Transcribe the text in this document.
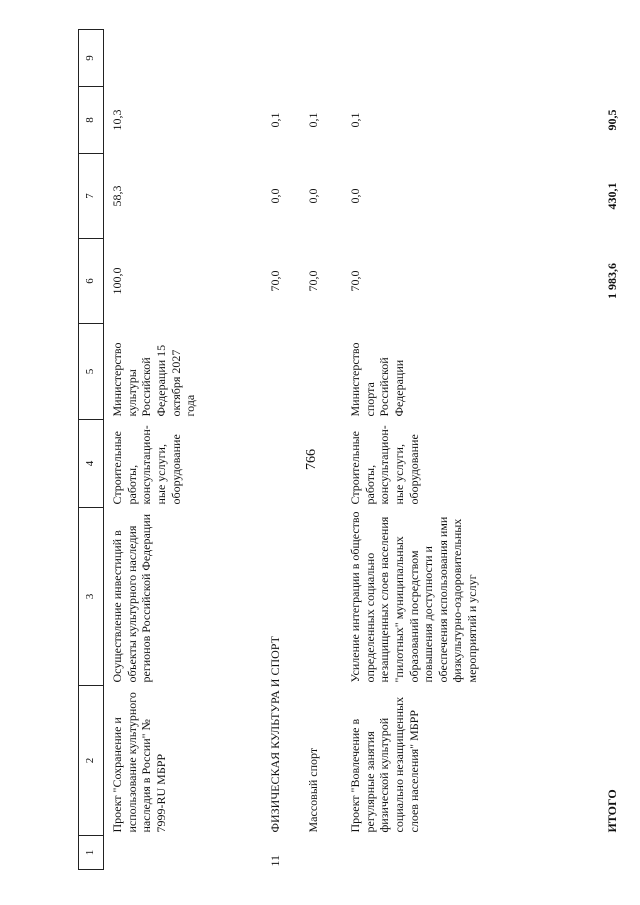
766
1	2	3	4	5	6	7	8	9
	Проект "Сохранение и использование культурного наследия в России" № 7999-RU МБРР	Осуществление инвестиций в объекты культурного наследия регионов Российской Федерации	Строительные работы, консультацион-ные услуги, оборудование	Министерство культуры Российской Федерации 15 октября 2027 года	100,0	58,3	10,3	
11	ФИЗИЧЕСКАЯ КУЛЬТУРА И СПОРТ				70,0	0,0	0,1	
	Массовый спорт				70,0	0,0	0,1	
	Проект "Вовлечение в регулярные занятия физической культурой социально незащищенных слоев населения" МБРР	Усиление интеграции в общество определенных социально незащищенных слоев населения "пилотных" муниципальных образований посредством повышения доступности и обеспечения использования ими физкультурно-оздоровительных мероприятий и услуг	Строительные работы, консультацион-ные услуги, оборудование	Министерство спорта Российской Федерации	70,0	0,0	0,1	
	ИТОГО				1 983,6	430,1	90,5	
